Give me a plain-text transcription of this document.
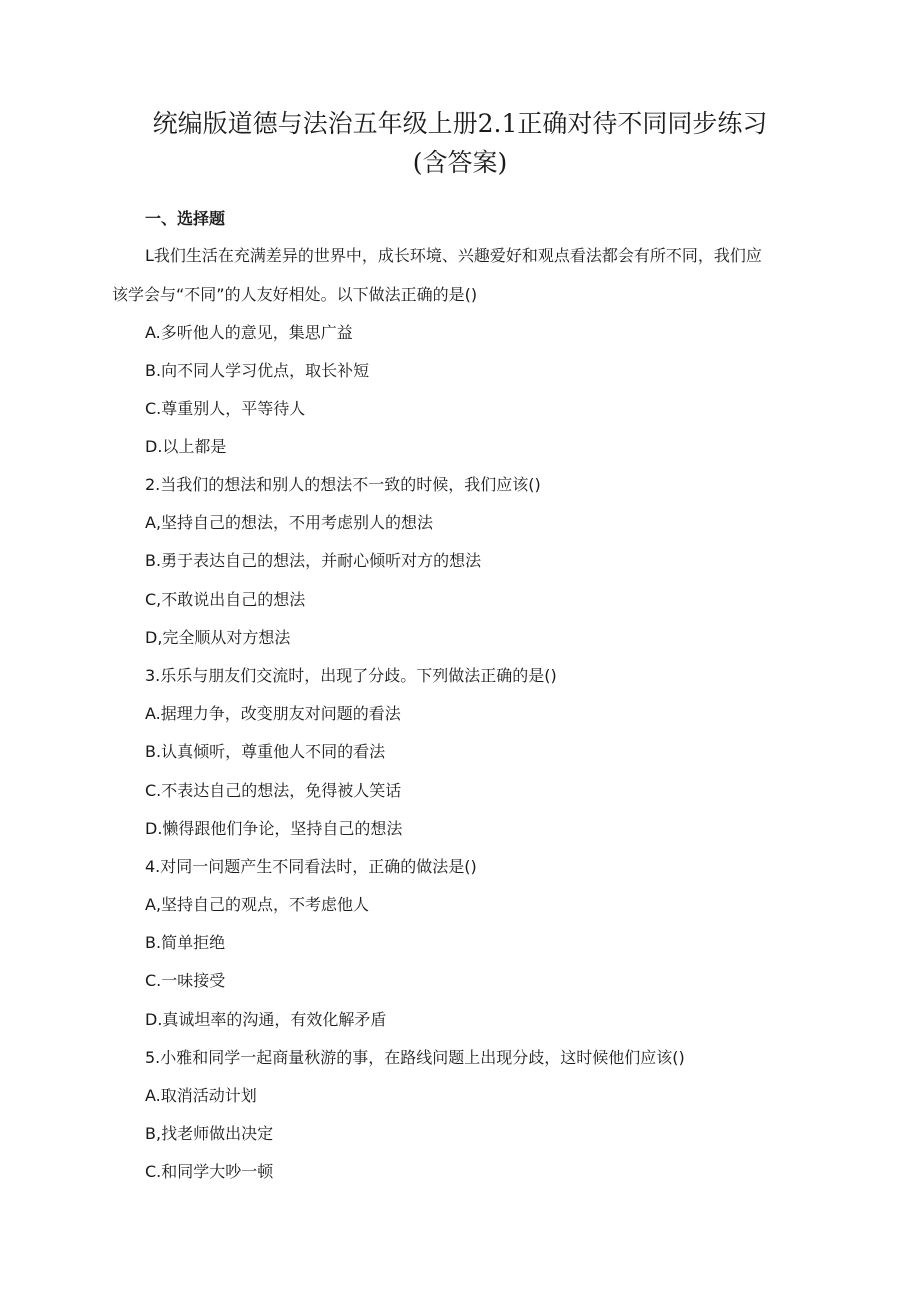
统编版道德与法治五年级上册2.1正确对待不同同步练习
(含答案)
一、选择题
L我们生活在充满差异的世界中，成长环境、兴趣爱好和观点看法都会有所不同，我们应
该学会与“不同”的人友好相处。以下做法正确的是()
A.多听他人的意见，集思广益
B.向不同人学习优点，取长补短
C.尊重别人，平等待人
D.以上都是
2.当我们的想法和别人的想法不一致的时候，我们应该()
A,坚持自己的想法，不用考虑别人的想法
B.勇于表达自己的想法，并耐心倾听对方的想法
C,不敢说出自己的想法
D,完全顺从对方想法
3.乐乐与朋友们交流时，出现了分歧。下列做法正确的是()
A.据理力争，改变朋友对问题的看法
B.认真倾听，尊重他人不同的看法
C.不表达自己的想法，免得被人笑话
D.懒得跟他们争论，坚持自己的想法
4.对同一问题产生不同看法时，正确的做法是()
A,坚持自己的观点，不考虑他人
B.简单拒绝
C.一味接受
D.真诚坦率的沟通，有效化解矛盾
5.小雅和同学一起商量秋游的事，在路线问题上出现分歧，这时候他们应该()
A.取消活动计划
B,找老师做出决定
C.和同学大吵一顿
